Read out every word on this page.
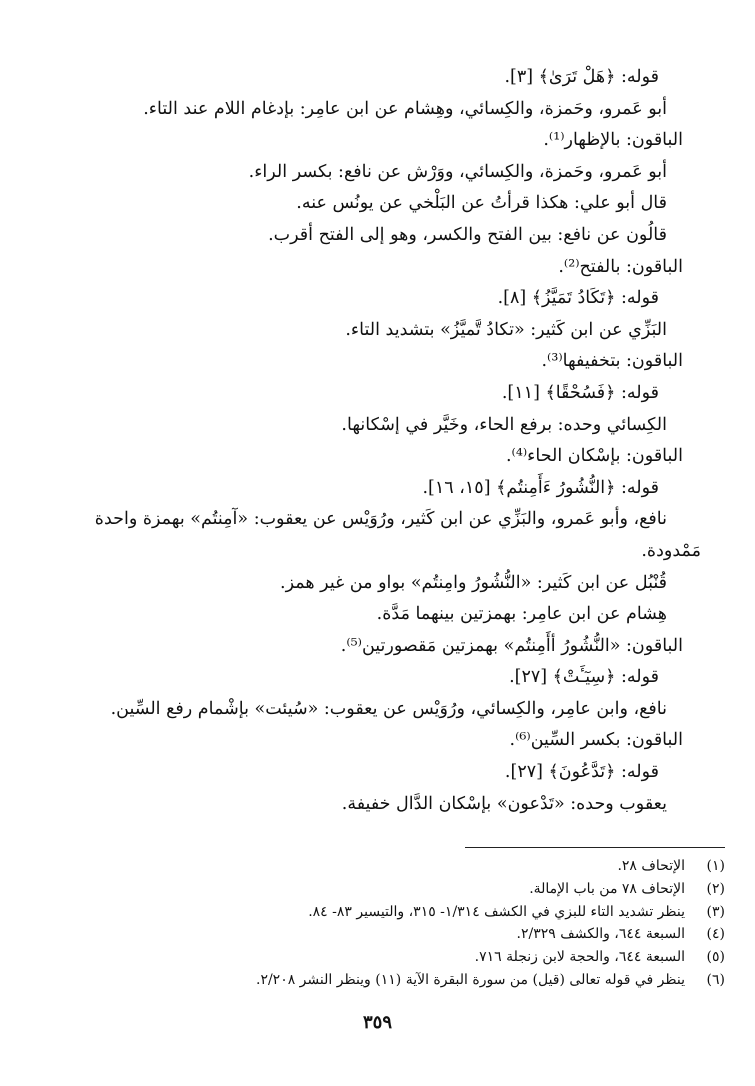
قوله: ﴿هَلْ تَرَىٰ﴾ [٣].
أبو عَمرو، وحَمزة، والكِسائي، وهِشام عن ابن عامِر: بإدغام اللام عند التاء.
الباقون: بالإظهار⁽¹⁾.
أبو عَمرو، وحَمزة، والكِسائي، ووَرْش عن نافع: بكسر الراء.
قال أبو علي: هكذا قرأتُ عن البَلْخي عن يونُس عنه.
قالُون عن نافع: بين الفتح والكسر، وهو إلى الفتح أقرب.
الباقون: بالفتح⁽²⁾.
قوله: ﴿تَكَادُ تَمَيَّزُ﴾ [٨].
البَزِّي عن ابن كَثير: «تكادُ تَّميَّزُ» بتشديد التاء.
الباقون: بتخفيفها⁽³⁾.
قوله: ﴿فَسُحْقًا﴾ [١١].
الكِسائي وحده: برفع الحاء، وخَيَّر في إسْكانها.
الباقون: بإسْكان الحاء⁽⁴⁾.
قوله: ﴿النُّشُورُ ءَأَمِنتُم﴾ [١٥، ١٦].
نافع، وأبو عَمرو، والبَزِّي عن ابن كَثير، ورُوَيْس عن يعقوب: «آمِنتُم» بهمزة واحدة
مَمْدودة.
قُنْبُل عن ابن كَثير: «النُّشُورُ وامِنتُم» بواو من غير همز.
هِشام عن ابن عامِر: بهمزتين بينهما مَدَّة.
الباقون: «النُّشُورُ أأَمِنتُم» بهمزتين مَقصورتين⁽⁵⁾.
قوله: ﴿سِيٓـَٔتْ﴾ [٢٧].
نافع، وابن عامِر، والكِسائي، ورُوَيْس عن يعقوب: «سُيئت» بإشْمام رفع السِّين.
الباقون: بكسر السِّين⁽⁶⁾.
قوله: ﴿تَدَّعُونَ﴾ [٢٧].
يعقوب وحده: «تَدْعون» بإسْكان الدَّال خفيفة.
(١)الإتحاف ٢٨.
(٢)الإتحاف ٧٨ من باب الإمالة.
(٣)ينظر تشديد التاء للبزي في الكشف ١/٣١٤- ٣١٥، والتيسير ٨٣- ٨٤.
(٤)السبعة ٦٤٤، والكشف ٢/٣٢٩.
(٥)السبعة ٦٤٤، والحجة لابن زنجلة ٧١٦.
(٦)ينظر في قوله تعالى (قيل) من سورة البقرة الآية (١١) وينظر النشر ٢/٢٠٨.
٣٥٩
